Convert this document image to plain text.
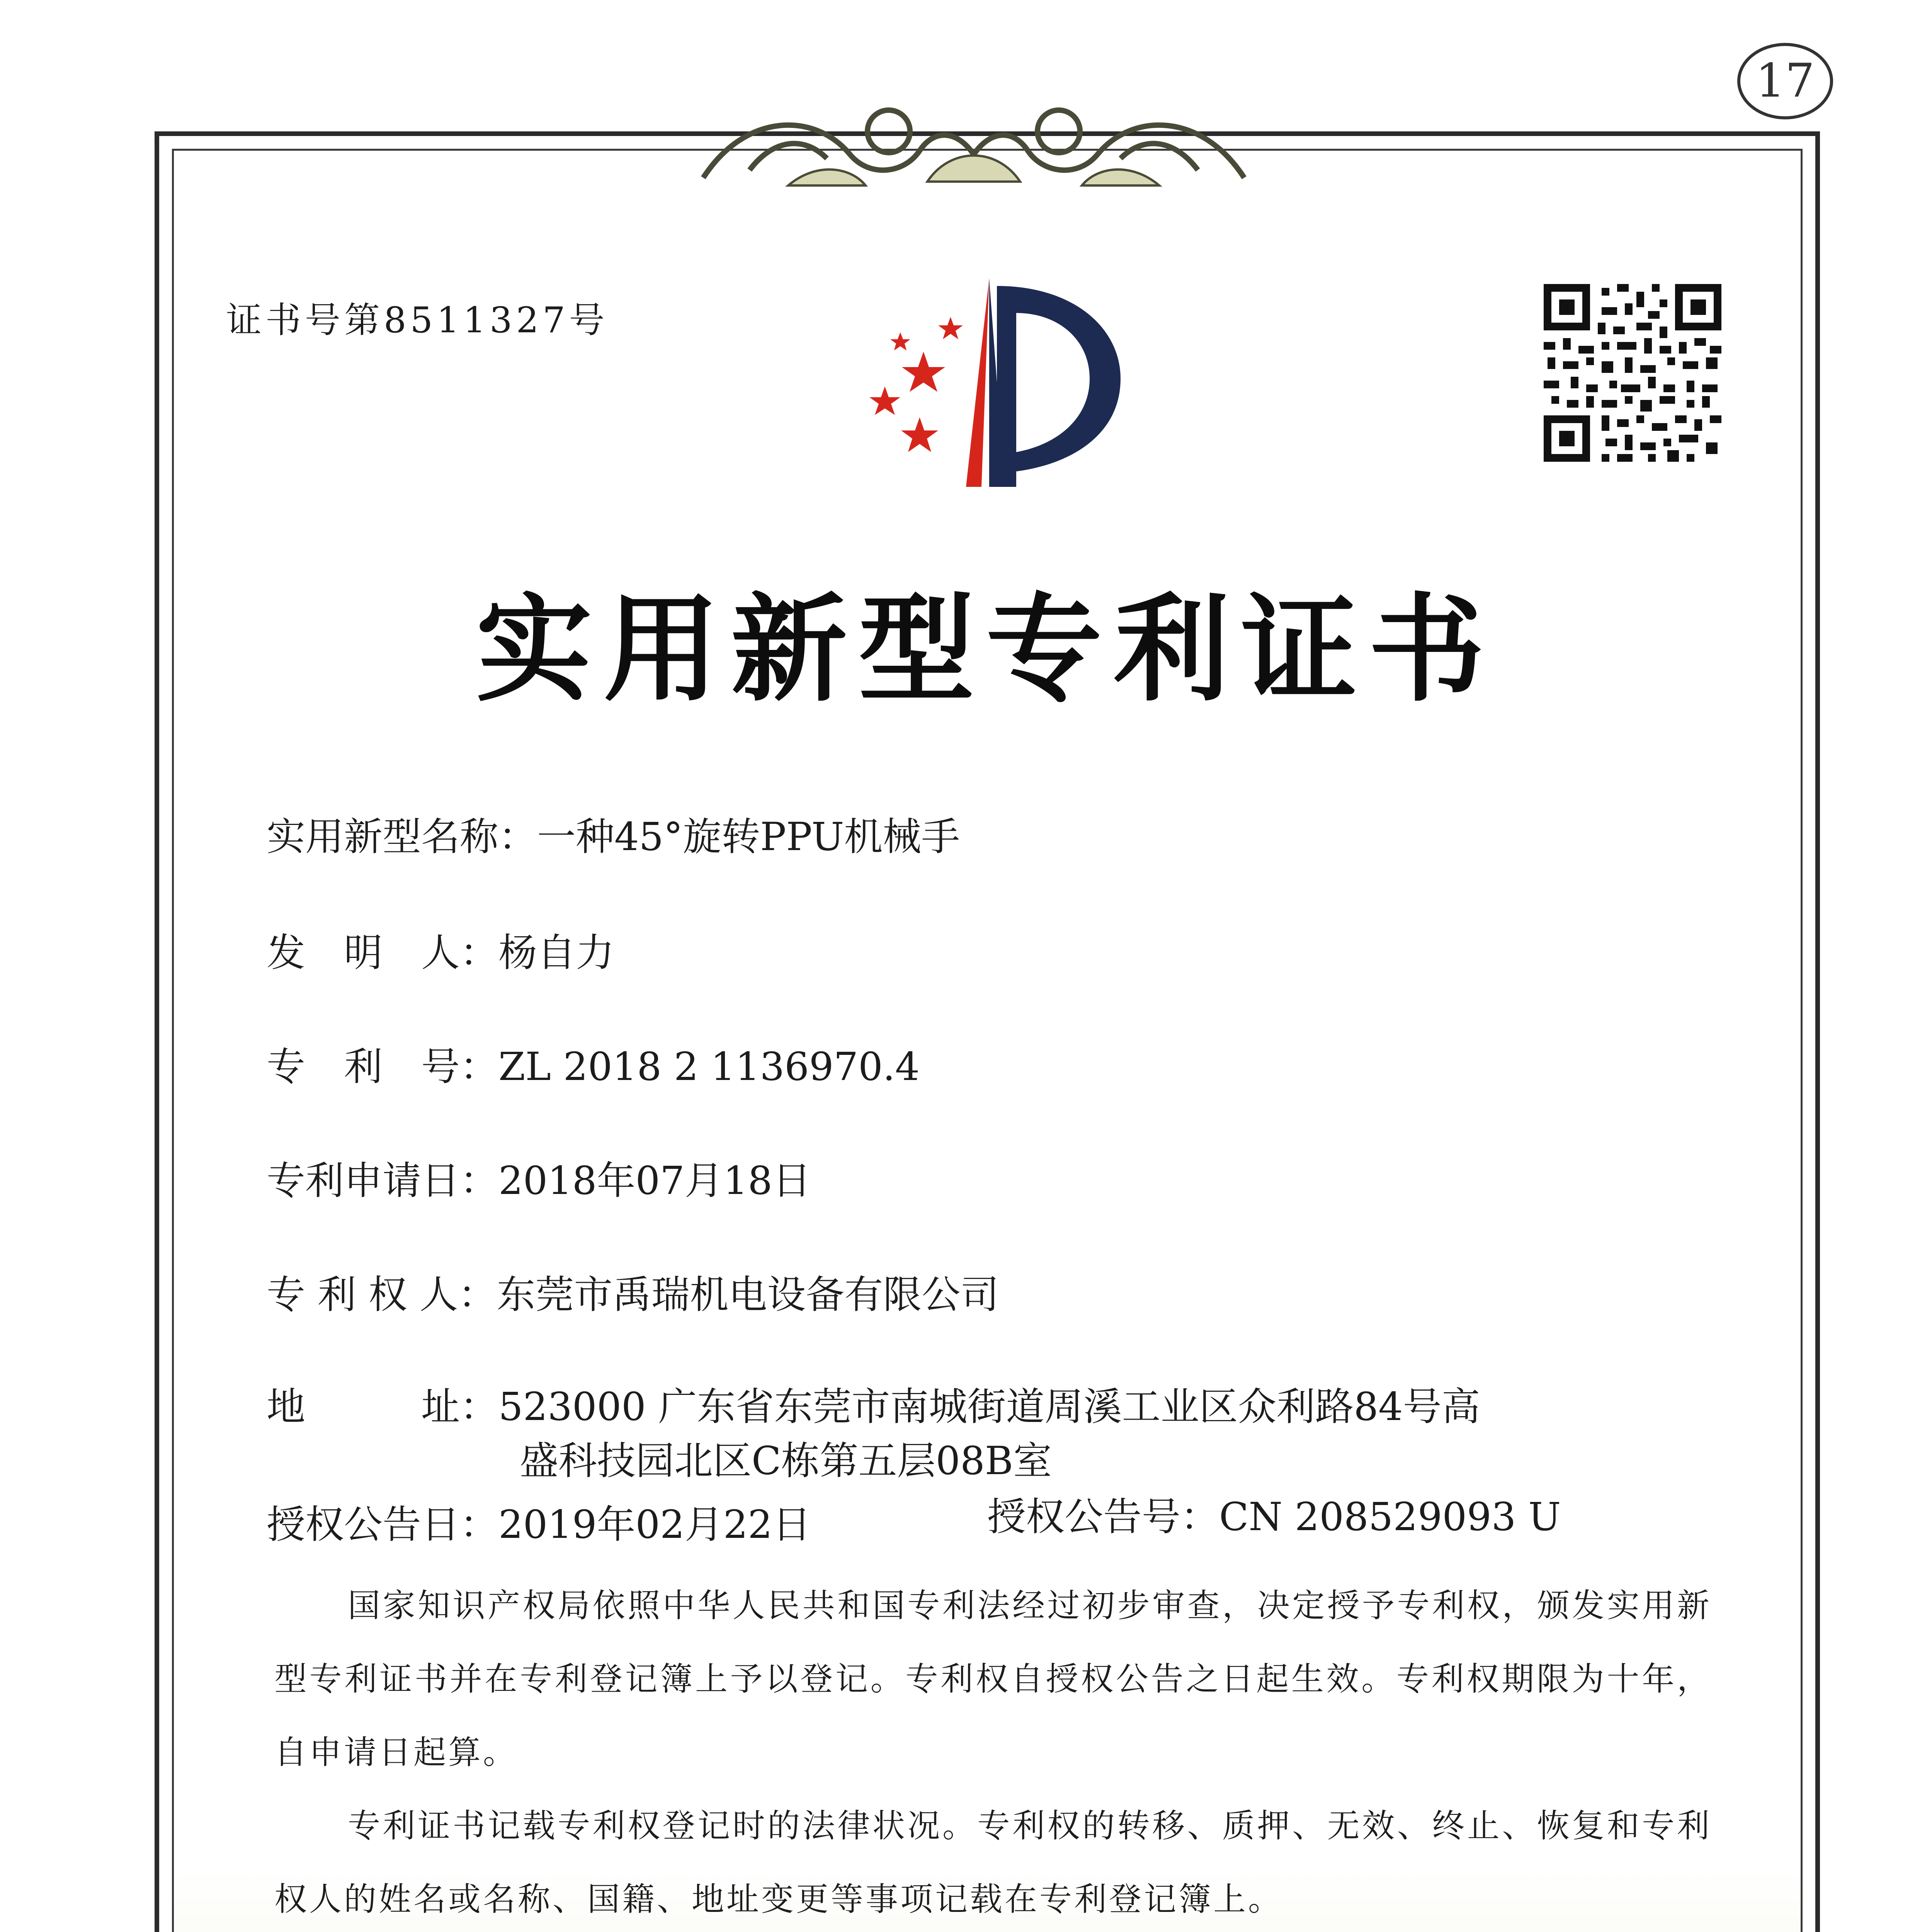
17
证书号第8511327号
实用新型专利证书
实用新型名称：一种45°旋转PPU机械手
发　明　人：杨自力
专　利　号：ZL 2018 2 1136970.4
专利申请日：2018年07月18日
专 利 权 人：东莞市禹瑞机电设备有限公司
地　　　址：523000 广东省东莞市南城街道周溪工业区众利路84号高
盛科技园北区C栋第五层08B室
授权公告日：2019年02月22日	授权公告号：CN 208529093 U

国家知识产权局依照中华人民共和国专利法经过初步审查，决定授予专利权，颁发实用新型专利证书并在专利登记簿上予以登记。专利权自授权公告之日起生效。专利权期限为十年，自申请日起算。

专利证书记载专利权登记时的法律状况。专利权的转移、质押、无效、终止、恢复和专利权人的姓名或名称、国籍、地址变更等事项记载在专利登记簿上。
